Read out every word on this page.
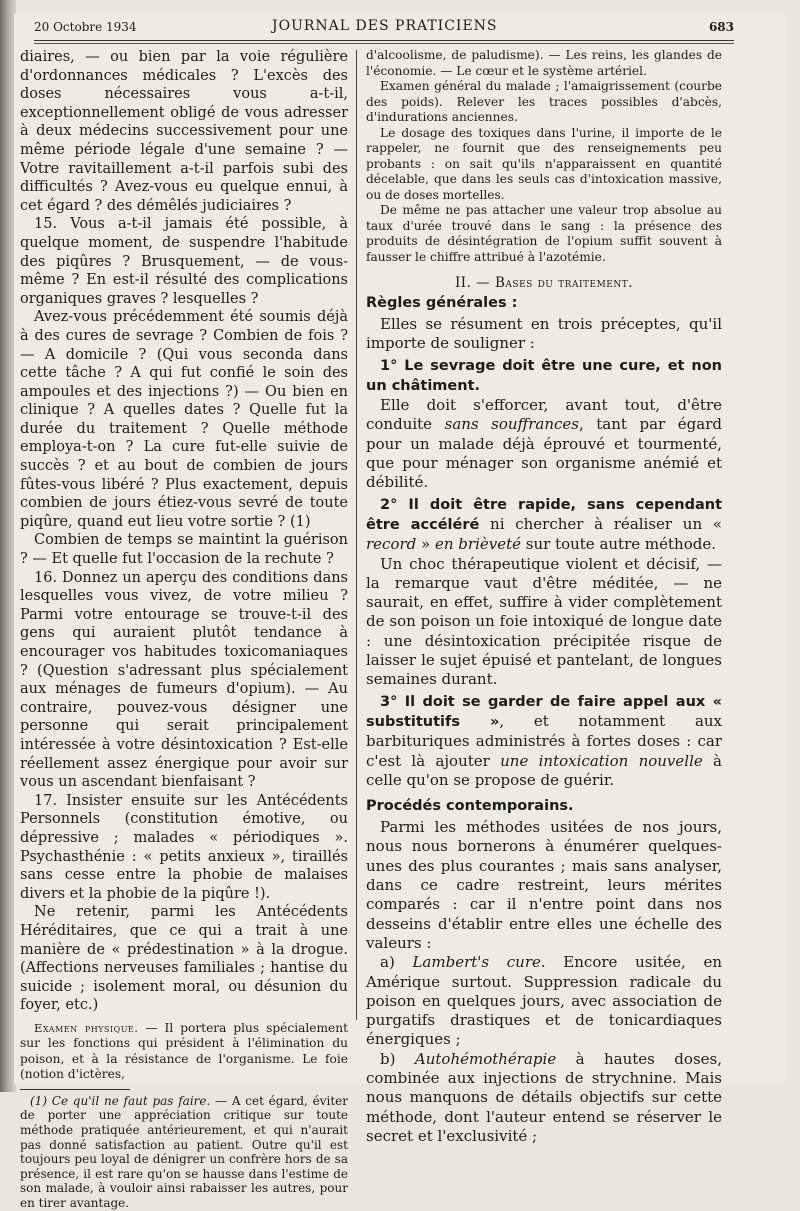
20 Octobre 1934	JOURNAL DES PRATICIENS	683

diaires, — ou bien par la voie régulière d'ordonnances médicales ? L'excès des doses nécessaires vous a-t-il, exceptionnellement obligé de vous adresser à deux médecins successivement pour une même période légale d'une semaine ? — Votre ravitaillement a-t-il parfois subi des difficultés ? Avez-vous eu quelque ennui, à cet égard ? des démêlés judiciaires ?

15. Vous a-t-il jamais été possible, à quelque moment, de suspendre l'habitude des piqûres ? Brusquement, — de vous-même ? En est-il résulté des complications organiques graves ? lesquelles ?

Avez-vous précédemment été soumis déjà à des cures de sevrage ? Combien de fois ? — A domicile ? (Qui vous seconda dans cette tâche ? A qui fut confié le soin des ampoules et des injections ?) — Ou bien en clinique ? A quelles dates ? Quelle fut la durée du traitement ? Quelle méthode employa-t-on ? La cure fut-elle suivie de succès ? et au bout de combien de jours fûtes-vous libéré ? Plus exactement, depuis combien de jours étiez-vous sevré de toute piqûre, quand eut lieu votre sortie ? (1)

Combien de temps se maintint la guérison ? — Et quelle fut l'occasion de la rechute ?

16. Donnez un aperçu des conditions dans lesquelles vous vivez, de votre milieu ? Parmi votre entourage se trouve-t-il des gens qui auraient plutôt tendance à encourager vos habitudes toxicomaniaques ? (Question s'adressant plus spécialement aux ménages de fumeurs d'opium). — Au contraire, pouvez-vous désigner une personne qui serait principalement intéressée à votre désintoxication ? Est-elle réellement assez énergique pour avoir sur vous un ascendant bienfaisant ?

17. Insister ensuite sur les Antécédents Personnels (constitution émotive, ou dépressive ; malades « périodiques ». Psychasthénie : « petits anxieux », tiraillés sans cesse entre la phobie de malaises divers et la phobie de la piqûre !).

Ne retenir, parmi les Antécédents Héréditaires, que ce qui a trait à une manière de « prédestination » à la drogue. (Affections nerveuses familiales ; hantise du suicide ; isolement moral, ou désunion du foyer, etc.)

Examen physique. — Il portera plus spécialement sur les fonctions qui président à l'élimination du poison, et à la résistance de l'organisme. Le foie (notion d'ictères,

(1) Ce qu'il ne faut pas faire. — A cet égard, éviter de porter une appréciation critique sur toute méthode pratiquée antérieurement, et qui n'aurait pas donné satisfaction au patient. Outre qu'il est toujours peu loyal de dénigrer un confrère hors de sa présence, il est rare qu'on se hausse dans l'estime de son malade, à vouloir ainsi rabaisser les autres, pour en tirer avantage.

d'alcoolisme, de paludisme). — Les reins, les glandes de l'économie. — Le cœur et le système artériel.

Examen général du malade ; l'amaigrissement (courbe des poids). Relever les traces possibles d'abcès, d'indurations anciennes.

Le dosage des toxiques dans l'urine, il importe de le rappeler, ne fournit que des renseignements peu probants : on sait qu'ils n'apparaissent en quantité décelable, que dans les seuls cas d'intoxication massive, ou de doses mortelles.

De même ne pas attacher une valeur trop absolue au taux d'urée trouvé dans le sang : la présence des produits de désintégration de l'opium suffit souvent à fausser le chiffre attribué à l'azotémie.

II. — Bases du traitement.
Règles générales :

Elles se résument en trois préceptes, qu'il importe de souligner :

1° Le sevrage doit être une cure, et non un châtiment.

Elle doit s'efforcer, avant tout, d'être conduite sans souffrances, tant par égard pour un malade déjà éprouvé et tourmenté, que pour ménager son organisme anémié et débilité.

2° Il doit être rapide, sans cependant être accéléré ni chercher à réaliser un « record » en brièveté sur toute autre méthode.

Un choc thérapeutique violent et décisif, — la remarque vaut d'être méditée, — ne saurait, en effet, suffire à vider complètement de son poison un foie intoxiqué de longue date : une désintoxication précipitée risque de laisser le sujet épuisé et pantelant, de longues semaines durant.

3° Il doit se garder de faire appel aux « substitutifs », et notamment aux barbituriques administrés à fortes doses : car c'est là ajouter une intoxication nouvelle à celle qu'on se propose de guérir.

Procédés contemporains.

Parmi les méthodes usitées de nos jours, nous nous bornerons à énumérer quelques-unes des plus courantes ; mais sans analyser, dans ce cadre restreint, leurs mérites comparés : car il n'entre point dans nos desseins d'établir entre elles une échelle des valeurs :

a) Lambert's cure. Encore usitée, en Amérique surtout. Suppression radicale du poison en quelques jours, avec association de purgatifs drastiques et de tonicardiaques énergiques ;

b) Autohémothérapie à hautes doses, combinée aux injections de strychnine. Mais nous manquons de détails objectifs sur cette méthode, dont l'auteur entend se réserver le secret et l'exclusivité ;
